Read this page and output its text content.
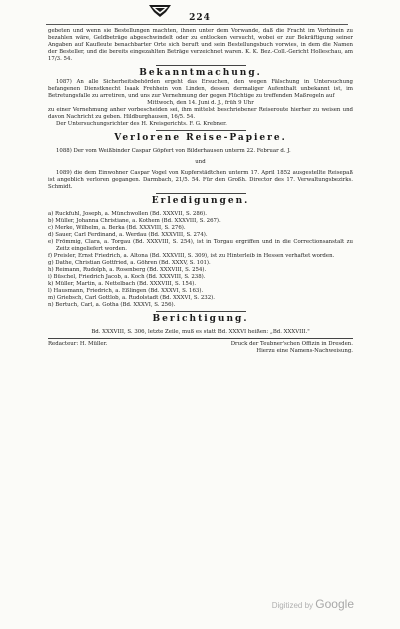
224

gebeten und wenn sie Bestellungen machten, ihnen unter dem Vorwande, daß die Fracht im Vorhinein zu bezahlen wäre, Geldbeträge abgeschwindelt oder zu entlocken versucht, wobei er zur Bekräftigung seiner Angaben auf Kaufleute benachbarter Orte sich beruft und sein Bestellungsbuch vorwies, in dem die Namen der Besteller, und die bereits eingezahlten Beträge verzeichnet waren. K. K. Bez.-Coll.-Gericht Holleschau, am 17/3. 54.

Bekanntmachung.

1087) An alle Sicherheitsbehörden ergeht das Ersuchen, den wegen Fälschung in Untersuchung befangenen Dienstknecht Isaak Frehhein von Linden, dessen dermaliger Aufenthalt unbekannt ist, im Betretungsfalle zu arretiren, und uns zur Vernehmung der gegen Flüchtige zu treffenden Maßregeln auf

Mittwoch, den 14. Juni d. J., früh 9 Uhr

zu einer Vernehmung anher vorbescheiden sei, ihm mittelst beschriebener Reiseroute hierher zu weisen und davon Nachricht zu geben. Hildburghausen, 16/5. 54.

Der Untersuchungsrichter des H. Kreisgerichts. F. G. Krebner.

Verlorene Reise-Papiere.

1088) Der vom Weißbinder Caspar Göpfert von Bilderhausen unterm 22. Februar d. J.

und

1089) die dem Einwohner Caspar Vogel von Kupferstädtchen unterm 17. April 1852 ausgestellte Reisepaß ist angeblich verloren gegangen. Darmbach, 21/5. 54. Für den Großh. Director des 17. Verwaltungsbezirks. Schmidt.

Erledigungen.

a) Ruckfuhl, Joseph, a. Münchwollen (Bd. XXXVII, S. 286).

b) Müller, Johanna Christiane, a. Kothem (Bd. XXXVIII, S. 267).

c) Merke, Wilhelm, a. Berka (Bd. XXXVIII, S. 276).

d) Sauer, Carl Ferdinand, a. Werdau (Bd. XXXVIII, S. 274).

e) Frömmig, Clara, a. Torgau (Bd. XXXVIII, S. 254), ist in Torgau ergriffen und in die Correctionsanstalt zu Zeitz eingeliefert worden.

f) Preisler, Ernst Friedrich, a. Altona (Bd. XXXVIII, S. 309), ist zu Hinterleib in Hessen verhaftet worden.

g) Dathe, Christian Gottfried, a. Göhren (Bd. XXXV, S. 101).

h) Reimann, Rudolph, a. Rosenberg (Bd. XXXVIII, S. 254).

i) Büschel, Friedrich Jacob, a. Koch (Bd. XXXVIII, S. 238).

k) Müller, Martin, a. Nettelbach (Bd. XXXVIII, S. 154).

l) Hausmann, Friedrich, a. Eßlingen (Bd. XXXVI, S. 163).

m) Griebsch, Carl Gottlob, a. Rudolstadt (Bd. XXXVI, S. 232).

n) Bertuch, Carl, a. Gotha (Bd. XXXVI, S. 256).

Berichtigung.

Bd. XXXVIII, S. 306, letzte Zeile, muß es statt Bd. XXXVI heißen: „Bd. XXXVIII."

Redacteur: H. Müller.	Druck der Teubner'schen Offizin in Dresden.
Hierzu eine Namens-Nachweisung.
Digitized by Google
